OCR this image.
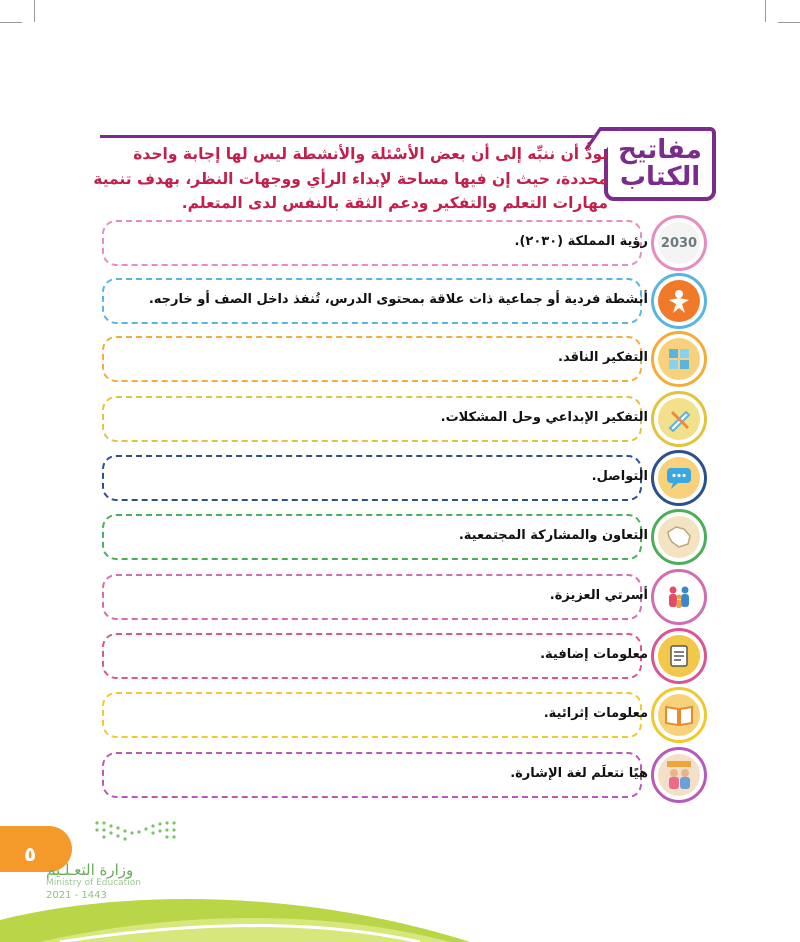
مفاتيح
الكتاب
نودُّ أن ننبِّه إلى أن بعض الأسْئلة والأنشطة ليس لها إجابة واحدة محددة، حيث إن فيها مساحة لإبداء الرأي ووجهات النظر، بهدف تنمية مهارات التعلم والتفكير ودعم الثقة بالنفس لدى المتعلم.
٥
وزارة التعـلـيم
Ministry of Education
2021 - 1443
رؤية المملكة (٢٠٣٠). 2030
أنشطة فردية أو جماعية ذات علاقة بمحتوى الدرس، تُنفذ داخل الصف أو خارجه.
التفكير الناقد.
التفكير الإبداعي وحل المشكلات.
التواصل.
التعاون والمشاركة المجتمعية.
أسرتي العزيزة.
معلومات إضافية.
معلومات إثرائية.
هيًا نتعلَم لغة الإشارة.
